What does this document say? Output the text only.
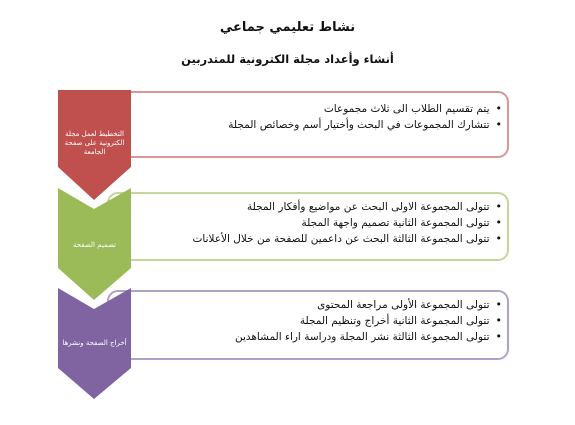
نشاط تعليمي جماعي
أنشاء وأعداد مجلة الكترونية للمتدربين
التخطيط لعمل مجلة الكترونية على صفحة الجامعة
تصميم الصفحة
أخراج الصفحة ونشرها
• يتم تقسيم الطلاب الى ثلاث مجموعات
• تتشارك المجموعات في البحث وأختيار أسم وخصائص المجلة
• تتولى المجموعة الاولى البحث عن مواضيع وأفكار المجلة
• تتولى المجموعة الثانية تصميم واجهة المجلة
• تتولى المجموعة الثالثة البحث عن داعمين للصفحة من خلال الأعلانات
• تتولى المجموعة الأولى مراجعة المحتوى
• تتولى المجموعة الثانية أخراج وتنظيم المجلة
• تتولى المجموعة الثالثة نشر المجلة ودراسة اراء المشاهدين
